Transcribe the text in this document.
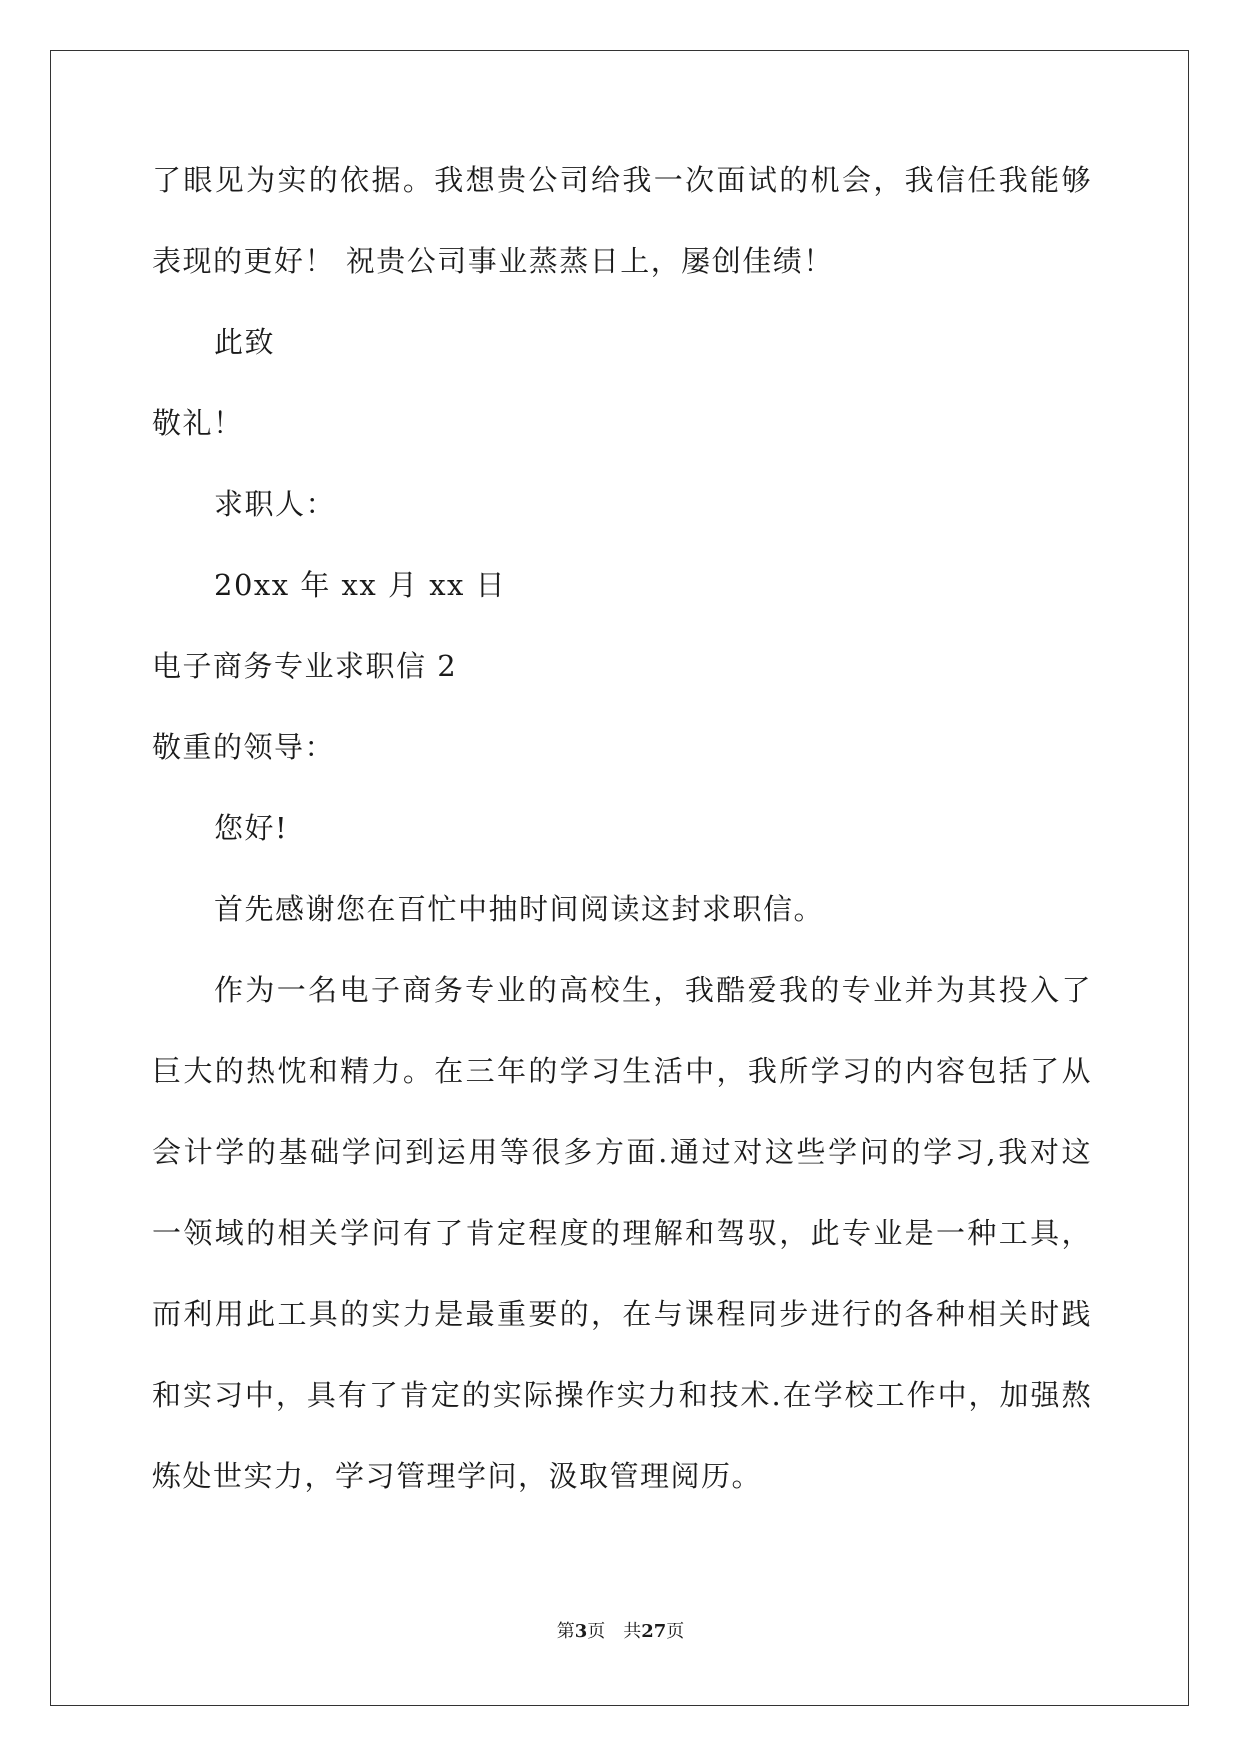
了眼见为实的依据。我想贵公司给我一次面试的机会，我信任我能够
表现的更好！ 祝贵公司事业蒸蒸日上，屡创佳绩！
此致
敬礼！
求职人：
20xx 年 xx 月 xx 日
电子商务专业求职信 2
敬重的领导：
您好!
首先感谢您在百忙中抽时间阅读这封求职信。
作为一名电子商务专业的高校生，我酷爱我的专业并为其投入了
巨大的热忱和精力。在三年的学习生活中，我所学习的内容包括了从
会计学的基础学问到运用等很多方面.通过对这些学问的学习,我对这
一领域的相关学问有了肯定程度的理解和驾驭，此专业是一种工具，
而利用此工具的实力是最重要的，在与课程同步进行的各种相关时践
和实习中，具有了肯定的实际操作实力和技术.在学校工作中，加强熬
炼处世实力，学习管理学问，汲取管理阅历。
第3页 共27页
